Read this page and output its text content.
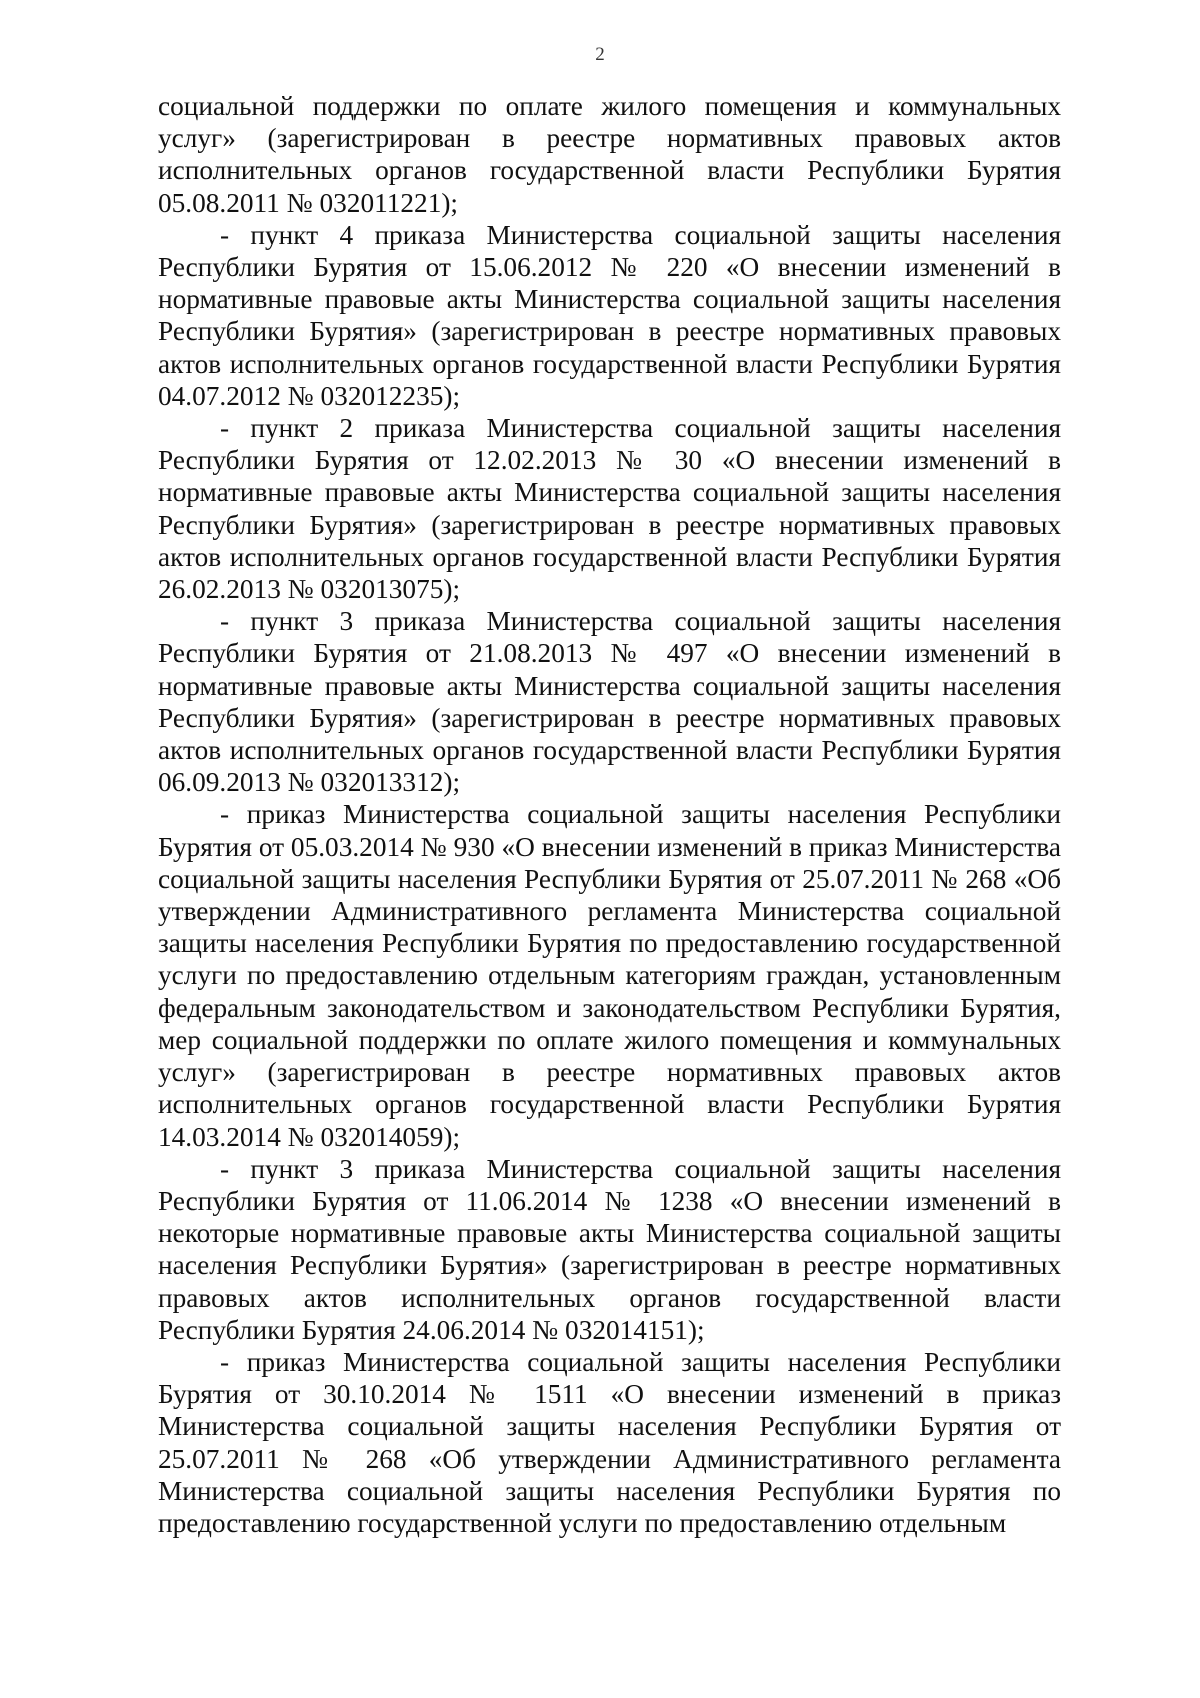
2

социальной поддержки по оплате жилого помещения и коммунальных услуг» (зарегистрирован в реестре нормативных правовых актов исполнительных органов государственной власти Республики Бурятия 05.08.2011 № 032011221);

- пункт 4 приказа Министерства социальной защиты населения Республики Бурятия от 15.06.2012 № 220 «О внесении изменений в нормативные правовые акты Министерства социальной защиты населения Республики Бурятия» (зарегистрирован в реестре нормативных правовых актов исполнительных органов государственной власти Республики Бурятия 04.07.2012 № 032012235);

- пункт 2 приказа Министерства социальной защиты населения Республики Бурятия от 12.02.2013 № 30 «О внесении изменений в нормативные правовые акты Министерства социальной защиты населения Республики Бурятия» (зарегистрирован в реестре нормативных правовых актов исполнительных органов государственной власти Республики Бурятия 26.02.2013 № 032013075);

- пункт 3 приказа Министерства социальной защиты населения Республики Бурятия от 21.08.2013 № 497 «О внесении изменений в нормативные правовые акты Министерства социальной защиты населения Республики Бурятия» (зарегистрирован в реестре нормативных правовых актов исполнительных органов государственной власти Республики Бурятия 06.09.2013 № 032013312);

- приказ Министерства социальной защиты населения Республики Бурятия от 05.03.2014 № 930 «О внесении изменений в приказ Министерства социальной защиты населения Республики Бурятия от 25.07.2011 № 268 «Об утверждении Административного регламента Министерства социальной защиты населения Республики Бурятия по предоставлению государственной услуги по предоставлению отдельным категориям граждан, установленным федеральным законодательством и законодательством Республики Бурятия, мер социальной поддержки по оплате жилого помещения и коммунальных услуг» (зарегистрирован в реестре нормативных правовых актов исполнительных органов государственной власти Республики Бурятия 14.03.2014 № 032014059);

- пункт 3 приказа Министерства социальной защиты населения Республики Бурятия от 11.06.2014 № 1238 «О внесении изменений в некоторые нормативные правовые акты Министерства социальной защиты населения Республики Бурятия» (зарегистрирован в реестре нормативных правовых актов исполнительных органов государственной власти Республики Бурятия 24.06.2014 № 032014151);

- приказ Министерства социальной защиты населения Республики Бурятия от 30.10.2014 № 1511 «О внесении изменений в приказ Министерства социальной защиты населения Республики Бурятия от 25.07.2011 № 268 «Об утверждении Административного регламента Министерства социальной защиты населения Республики Бурятия по предоставлению государственной услуги по предоставлению отдельным
